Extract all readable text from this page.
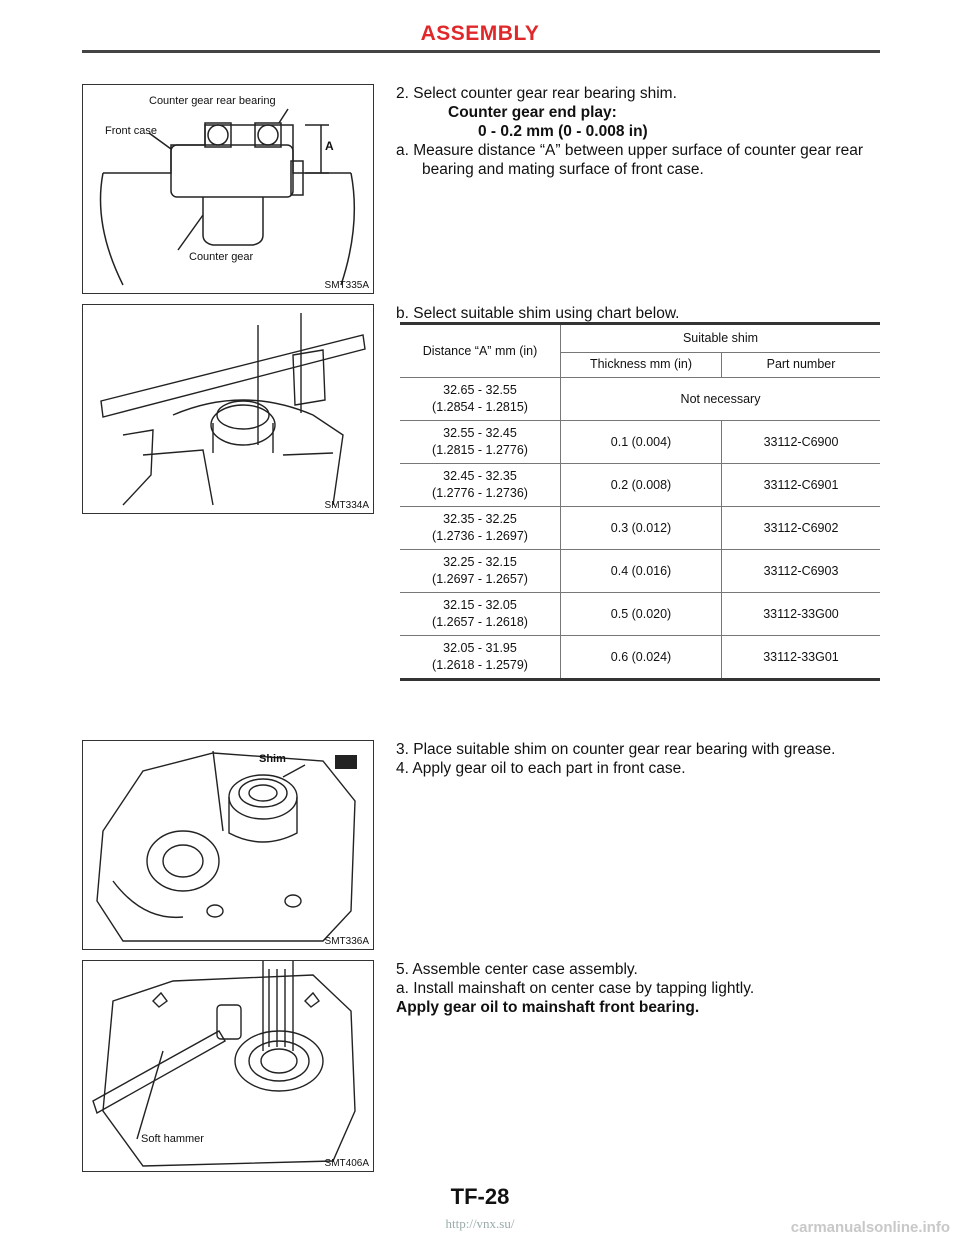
ASSEMBLY
Counter gear rear bearing
Front case
A
Counter gear
SMT335A
SMT334A
Shim
SMT336A
Soft hammer
SMT406A

2. Select counter gear rear bearing shim.

Counter gear end play:

0 - 0.2 mm (0 - 0.008 in)

a. Measure distance “A” between upper surface of counter gear rear bearing and mating surface of front case.

b. Select suitable shim using chart below.

Distance “A” mm (in)	Suitable shim	
	Thickness mm (in)	Part number
32.65 - 32.55
(1.2854 - 1.2815)	Not necessary	
32.55 - 32.45
(1.2815 - 1.2776)	0.1 (0.004)	33112-C6900
32.45 - 32.35
(1.2776 - 1.2736)	0.2 (0.008)	33112-C6901
32.35 - 32.25
(1.2736 - 1.2697)	0.3 (0.012)	33112-C6902
32.25 - 32.15
(1.2697 - 1.2657)	0.4 (0.016)	33112-C6903
32.15 - 32.05
(1.2657 - 1.2618)	0.5 (0.020)	33112-33G00
32.05 - 31.95
(1.2618 - 1.2579)	0.6 (0.024)	33112-33G01

3. Place suitable shim on counter gear rear bearing with grease.

4. Apply gear oil to each part in front case.

5. Assemble center case assembly.

a. Install mainshaft on center case by tapping lightly.

Apply gear oil to mainshaft front bearing.

TF-28
http://vnx.su/	carmanualsonline.info
